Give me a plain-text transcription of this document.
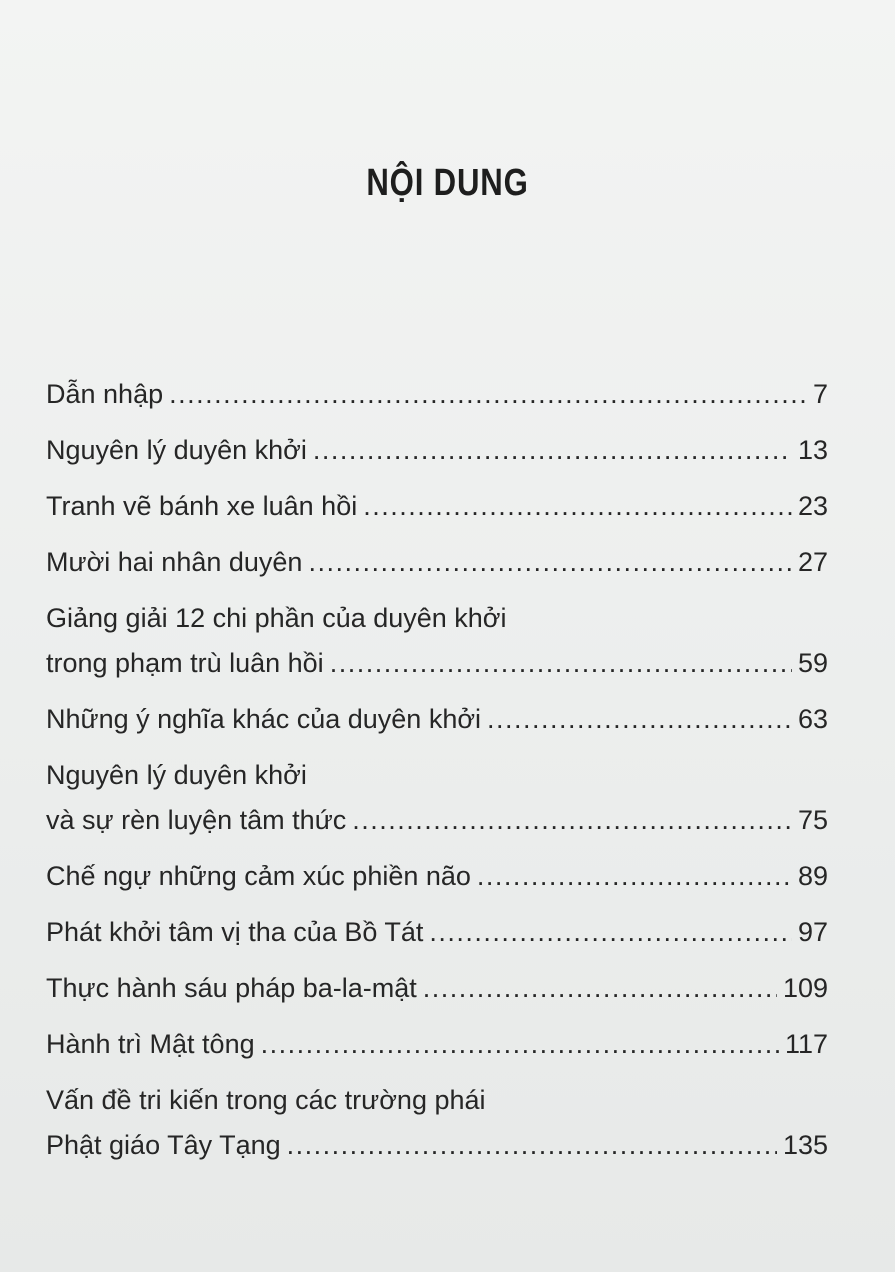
NỘI DUNG
Dẫn nhập .....	7
Nguyên lý duyên khởi .....	13
Tranh vẽ bánh xe luân hồi .....	23
Mười hai nhân duyên .....	27
Giảng giải 12 chi phần của duyên khởi
trong phạm trù luân hồi .....	59
Những ý nghĩa khác của duyên khởi .....	63
Nguyên lý duyên khởi
và sự rèn luyện tâm thức .....	75
Chế ngự những cảm xúc phiền não .....	89
Phát khởi tâm vị tha của Bồ Tát .....	97
Thực hành sáu pháp ba-la-mật .....	109
Hành trì Mật tông .....	117
Vấn đề tri kiến trong các trường phái
Phật giáo Tây Tạng .....	135
